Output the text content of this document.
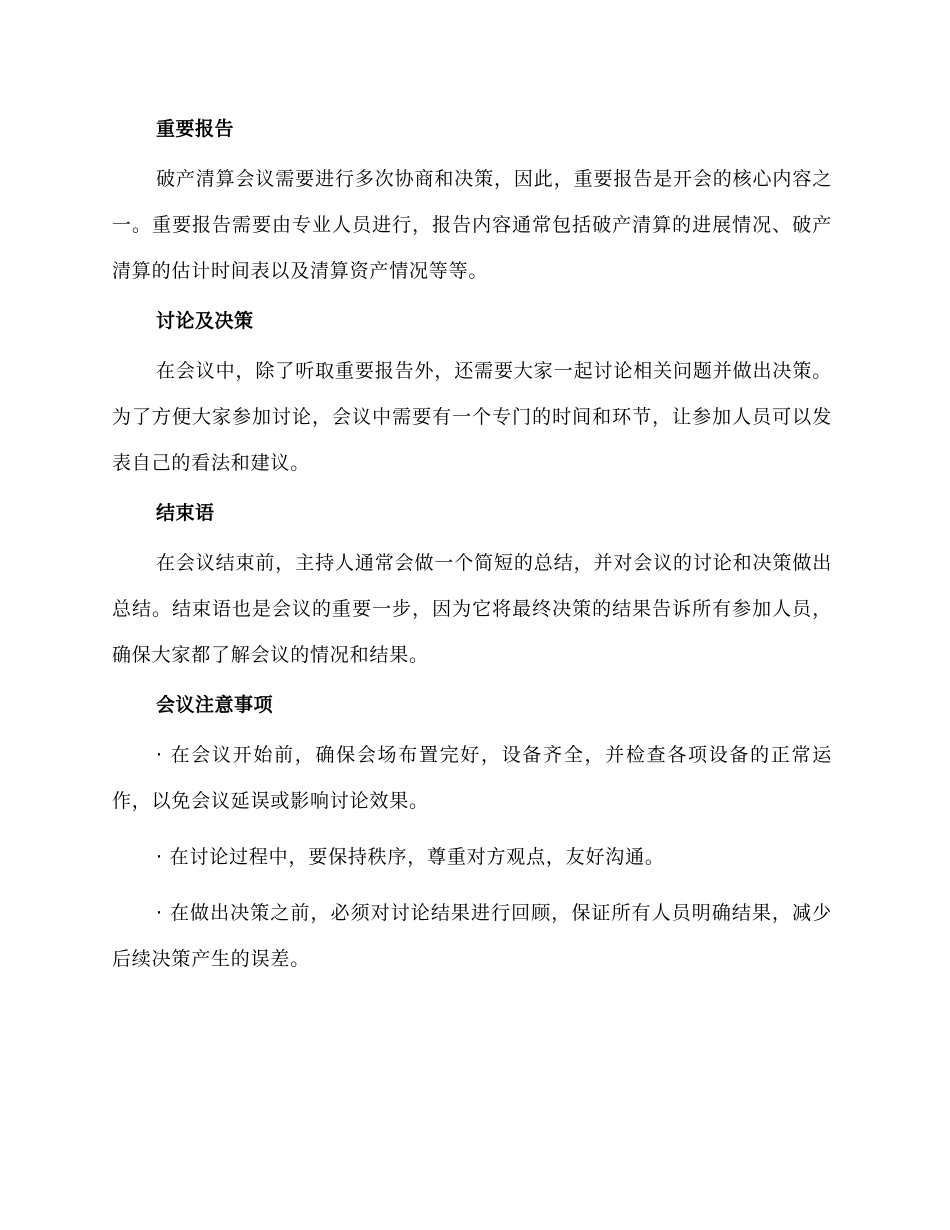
重要报告

破产清算会议需要进行多次协商和决策，因此，重要报告是开会的核心内容之一。重要报告需要由专业人员进行，报告内容通常包括破产清算的进展情况、破产清算的估计时间表以及清算资产情况等等。

讨论及决策

在会议中，除了听取重要报告外，还需要大家一起讨论相关问题并做出决策。为了方便大家参加讨论，会议中需要有一个专门的时间和环节，让参加人员可以发表自己的看法和建议。

结束语

在会议结束前，主持人通常会做一个简短的总结，并对会议的讨论和决策做出总结。结束语也是会议的重要一步，因为它将最终决策的结果告诉所有参加人员，确保大家都了解会议的情况和结果。

会议注意事项

· 在会议开始前，确保会场布置完好，设备齐全，并检查各项设备的正常运作，以免会议延误或影响讨论效果。

· 在讨论过程中，要保持秩序，尊重对方观点，友好沟通。

· 在做出决策之前，必须对讨论结果进行回顾，保证所有人员明确结果，减少后续决策产生的误差。
